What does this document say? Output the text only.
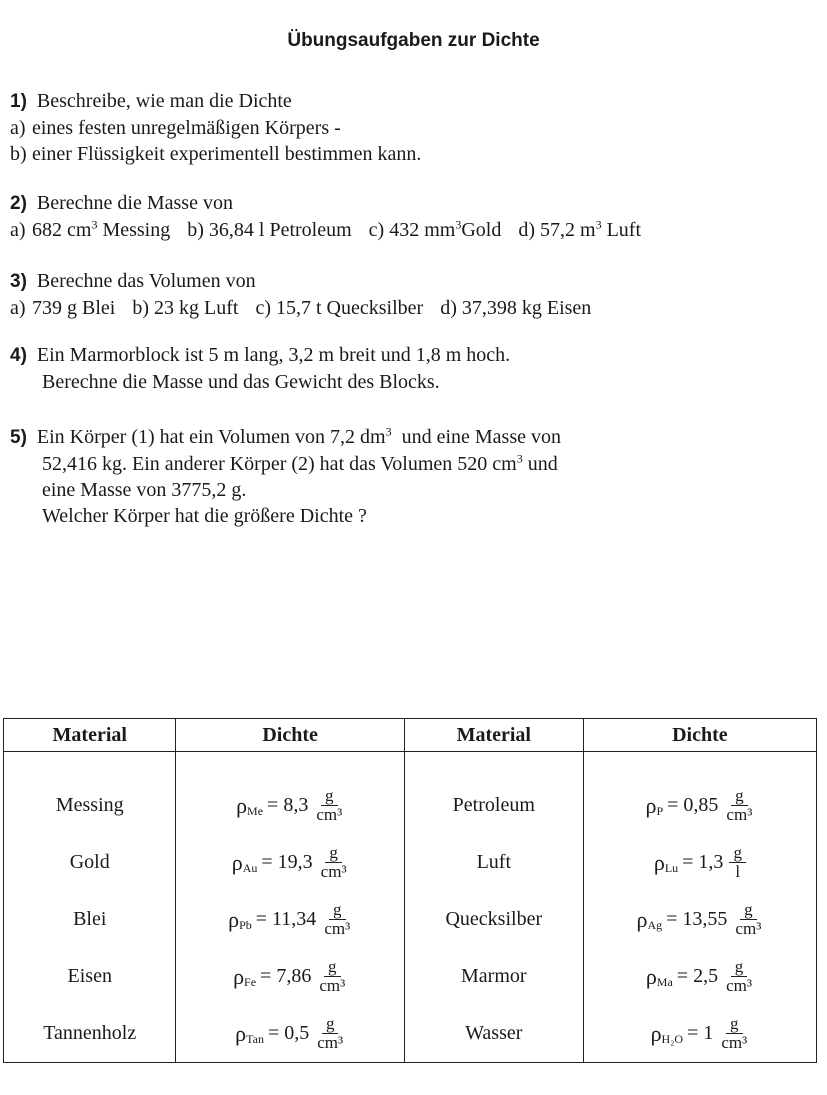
Übungsaufgaben zur Dichte
1) Beschreibe, wie man die Dichte
a) eines festen unregelmäßigen Körpers -
b) einer Flüssigkeit experimentell bestimmen kann.
2) Berechne die Masse von
a) 682 $cm^3$ Messing b) 36,84 l Petroleum c) 432 $mm^3Gold$ d) 57,2 $m^3$ Luft
3) Berechne das Volumen von
a) 739 g Blei b) 23 kg Luft c) 15,7 t Quecksilber d) 37,398 kg Eisen
4) Ein Marmorblock ist 5 m lang, 3,2 m breit und 1,8 m hoch.
Berechne die Masse und das Gewicht des Blocks.
5) Ein Körper (1) hat ein Volumen von 7,2 $dm^3$ und eine Masse von
52,416 kg. Ein anderer Körper (2) hat das Volumen 520 $cm^3$ und
eine Masse von 3775,2 g.
Welcher Körper hat die größere Dichte ?
Material	Dichte	Material	Dichte
Messing	ρ $Me = 8,3 \frac{g}{\text{cm³}}$	Petroleum	ρ $P = 0,85 \frac{g}{\text{cm³}}$

Gold	ρ $Au = 19,3 \frac{g}{\text{cm³}}$	Luft	ρ $Lu = 1,3 \frac{g}{l}$

Blei	ρ $Pb = 11,34 \frac{g}{\text{cm³}}$	Quecksilber	ρ $Ag = 13,55 \frac{g}{\text{cm³}}$

Eisen	ρ $Fe = 7,86 \frac{g}{\text{cm³}}$	Marmor	ρ $Ma = 2,5 \frac{g}{\text{cm³}}$

Tannenholz	ρ Tan = $0,5 \frac{g}{\text{cm³}}$	Wasser	ρ $H_2O = 1 \frac{g}{\text{cm³}}$
